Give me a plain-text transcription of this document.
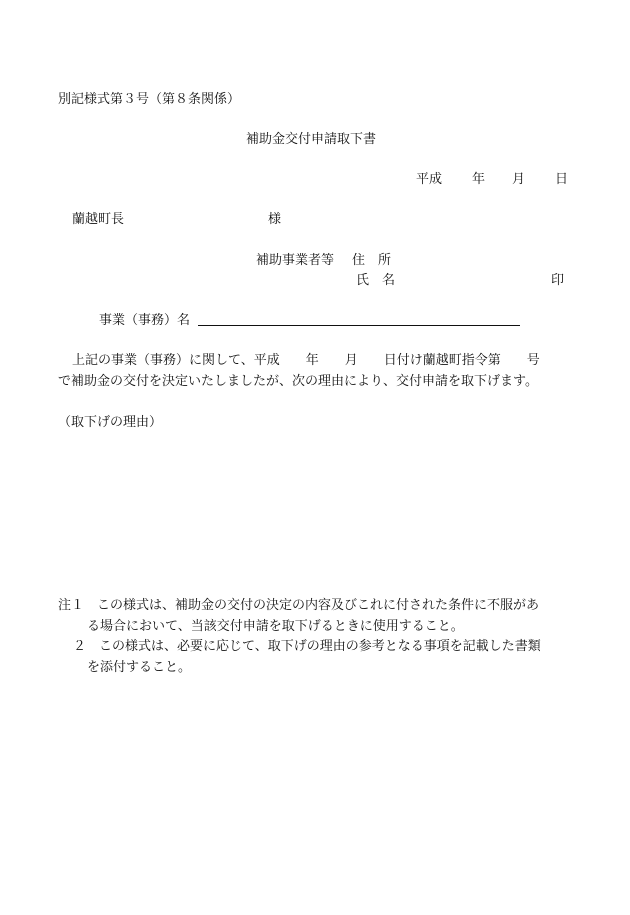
別記様式第３号（第８条関係）
補助金交付申請取下書
平成 年 月 日
蘭越町長	様
補助事業者等 住　所
氏　名	印
事業（事務）名
上記の事業（事務）に関して、平成　　年　　月　　日付け蘭越町指令第　　号
で補助金の交付を決定いたしましたが、次の理由により、交付申請を取下げます。
（取下げの理由）
注１　この様式は、補助金の交付の決定の内容及びこれに付された条件に不服があ
る場合において、当該交付申請を取下げるときに使用すること。
２　この様式は、必要に応じて、取下げの理由の参考となる事項を記載した書類
を添付すること。
